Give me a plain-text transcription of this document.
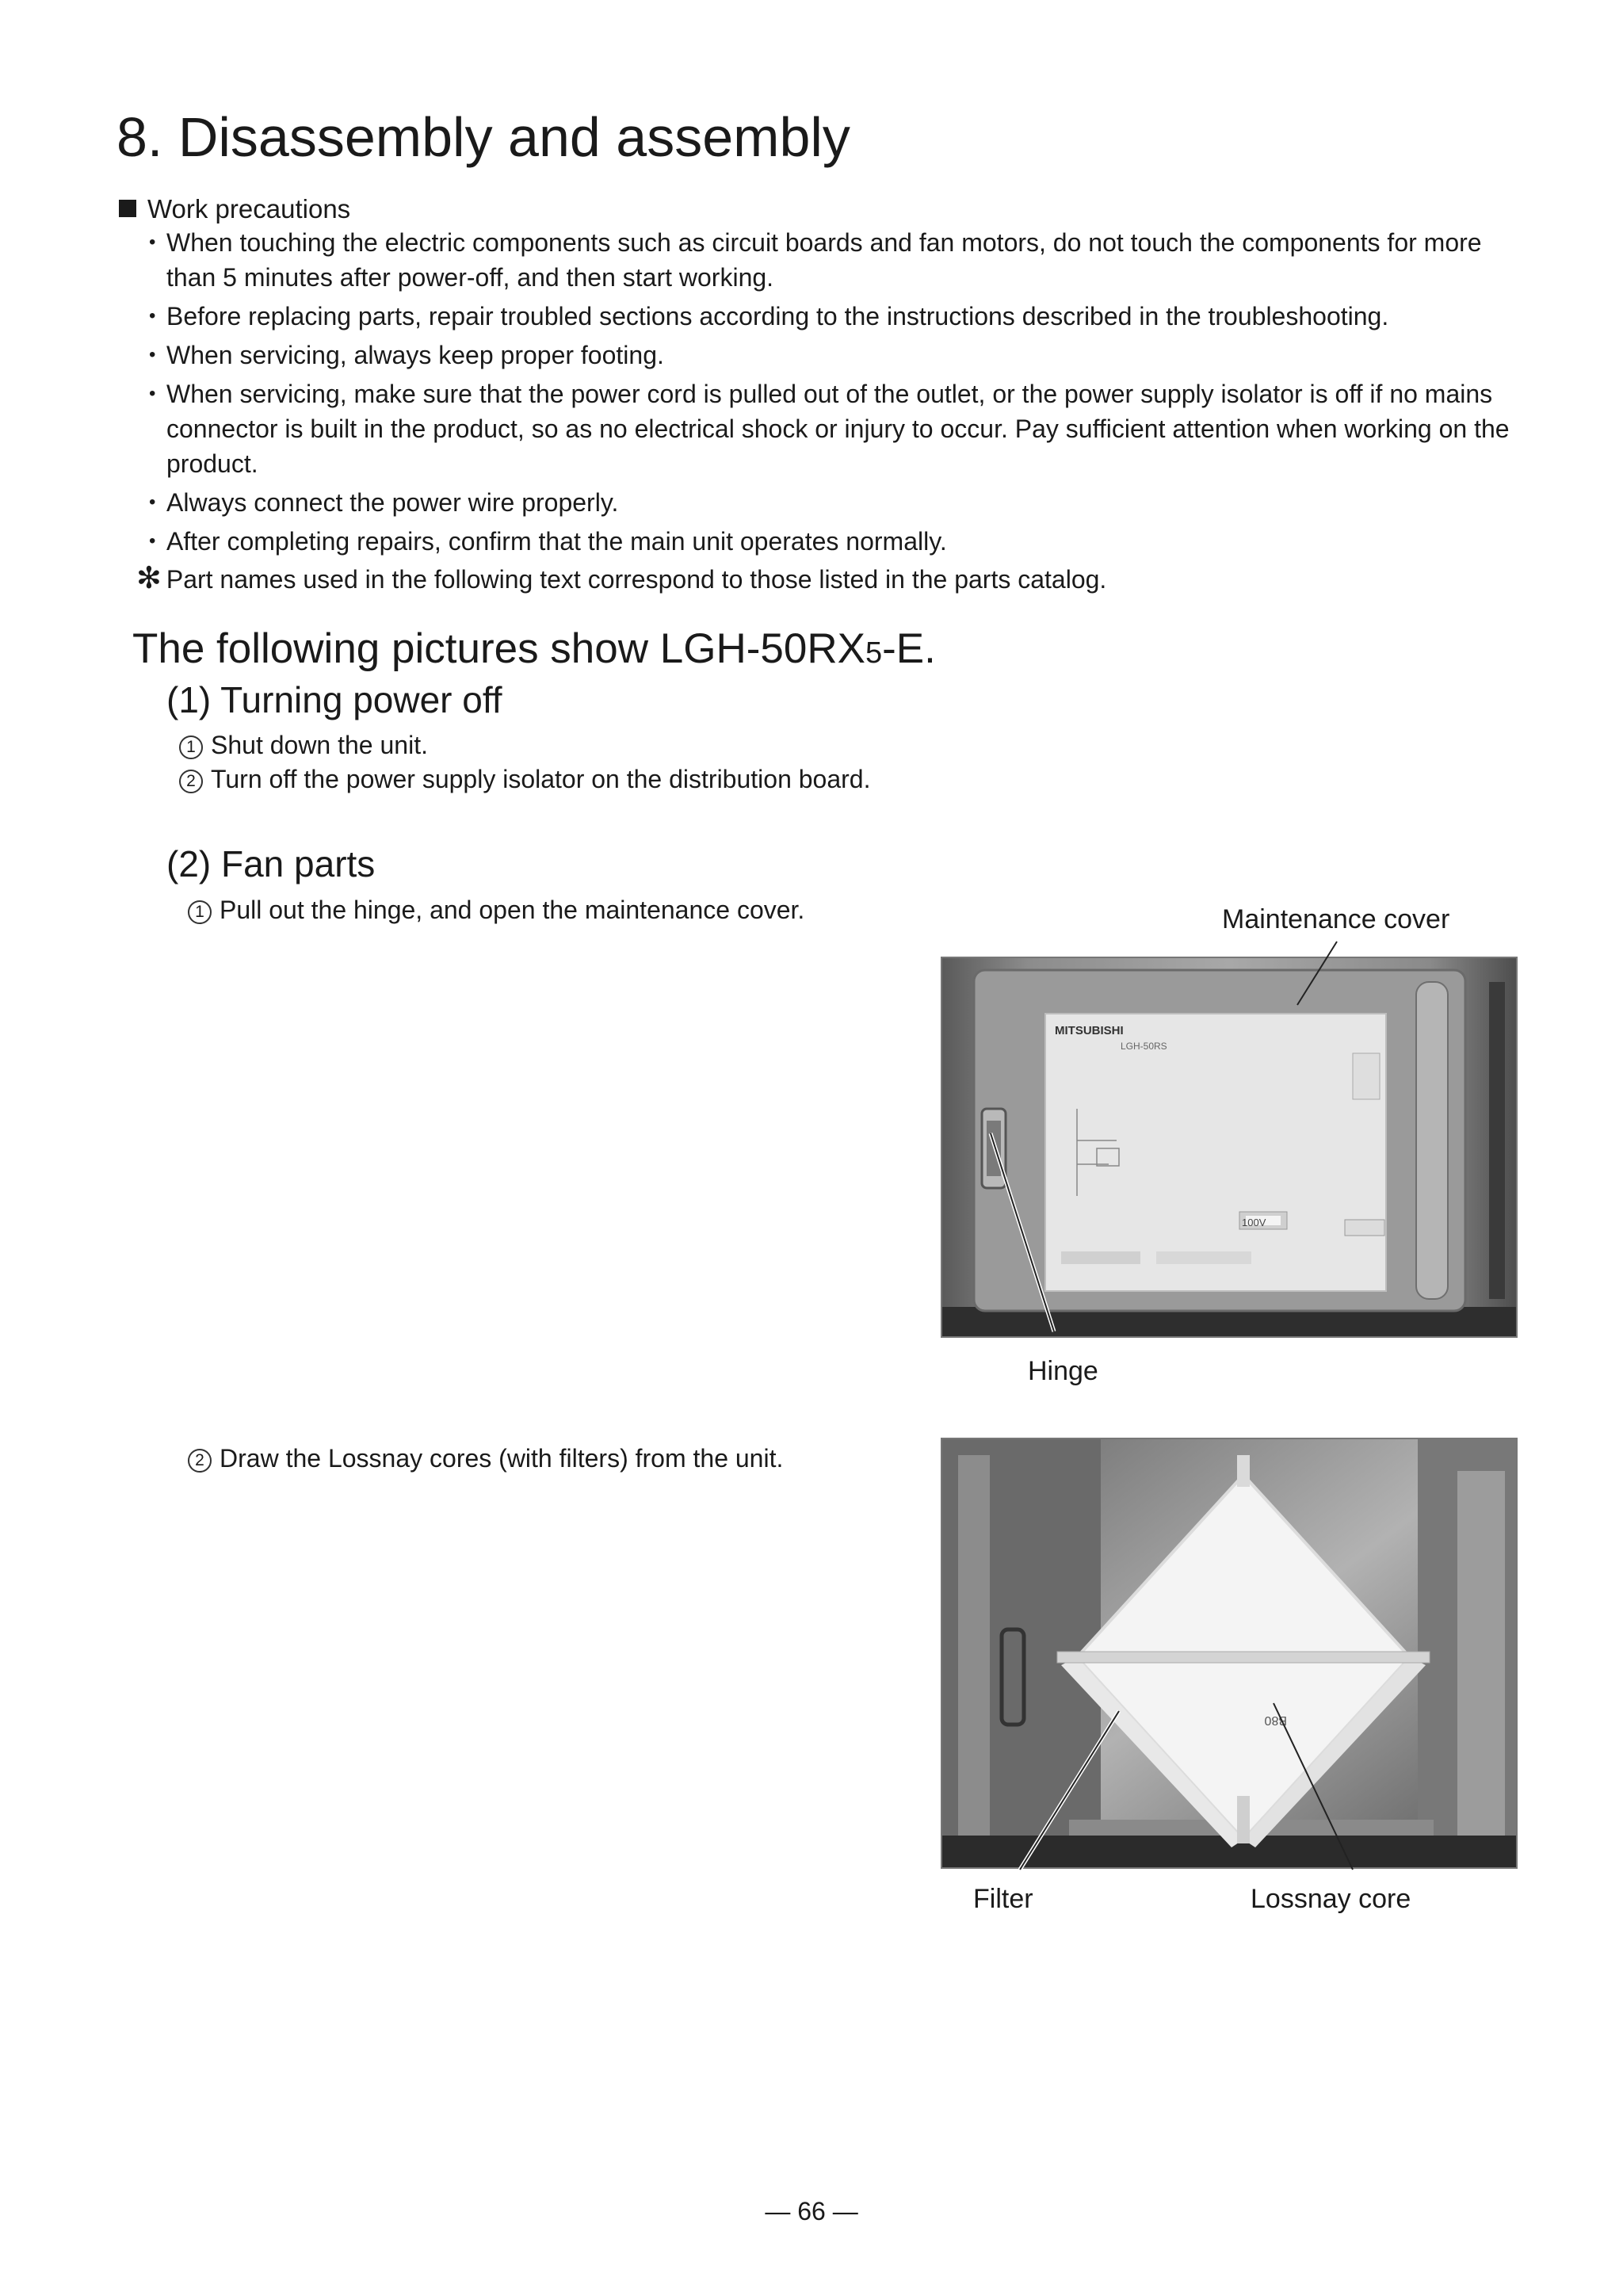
8. Disassembly and assembly
Work precautions
• When touching the electric components such as circuit boards and fan motors, do not touch the components for more than 5 minutes after power-off, and then start working.
• Before replacing parts, repair troubled sections according to the instructions described in the troubleshooting.
• When servicing, always keep proper footing.
• When servicing, make sure that the power cord is pulled out of the outlet, or the power supply isolator is off if no mains connector is built in the product, so as no electrical shock or injury to occur. Pay sufficient attention when working on the product.
• Always connect the power wire properly.
• After completing repairs, confirm that the main unit operates normally.
✻ Part names used in the following text correspond to those listed in the parts catalog.
The following pictures show LGH-50RX5-E.
(1) Turning power off
1 Shut down the unit.
2 Turn off the power supply isolator on the distribution board.
(2) Fan parts
1 Pull out the hinge, and open the maintenance cover.
2 Draw the Lossnay cores (with filters) from the unit.
Maintenance cover
MITSUBISHI
LGH-50RS
100V
Hinge
B80
Filter	Lossnay core
— 66 —
